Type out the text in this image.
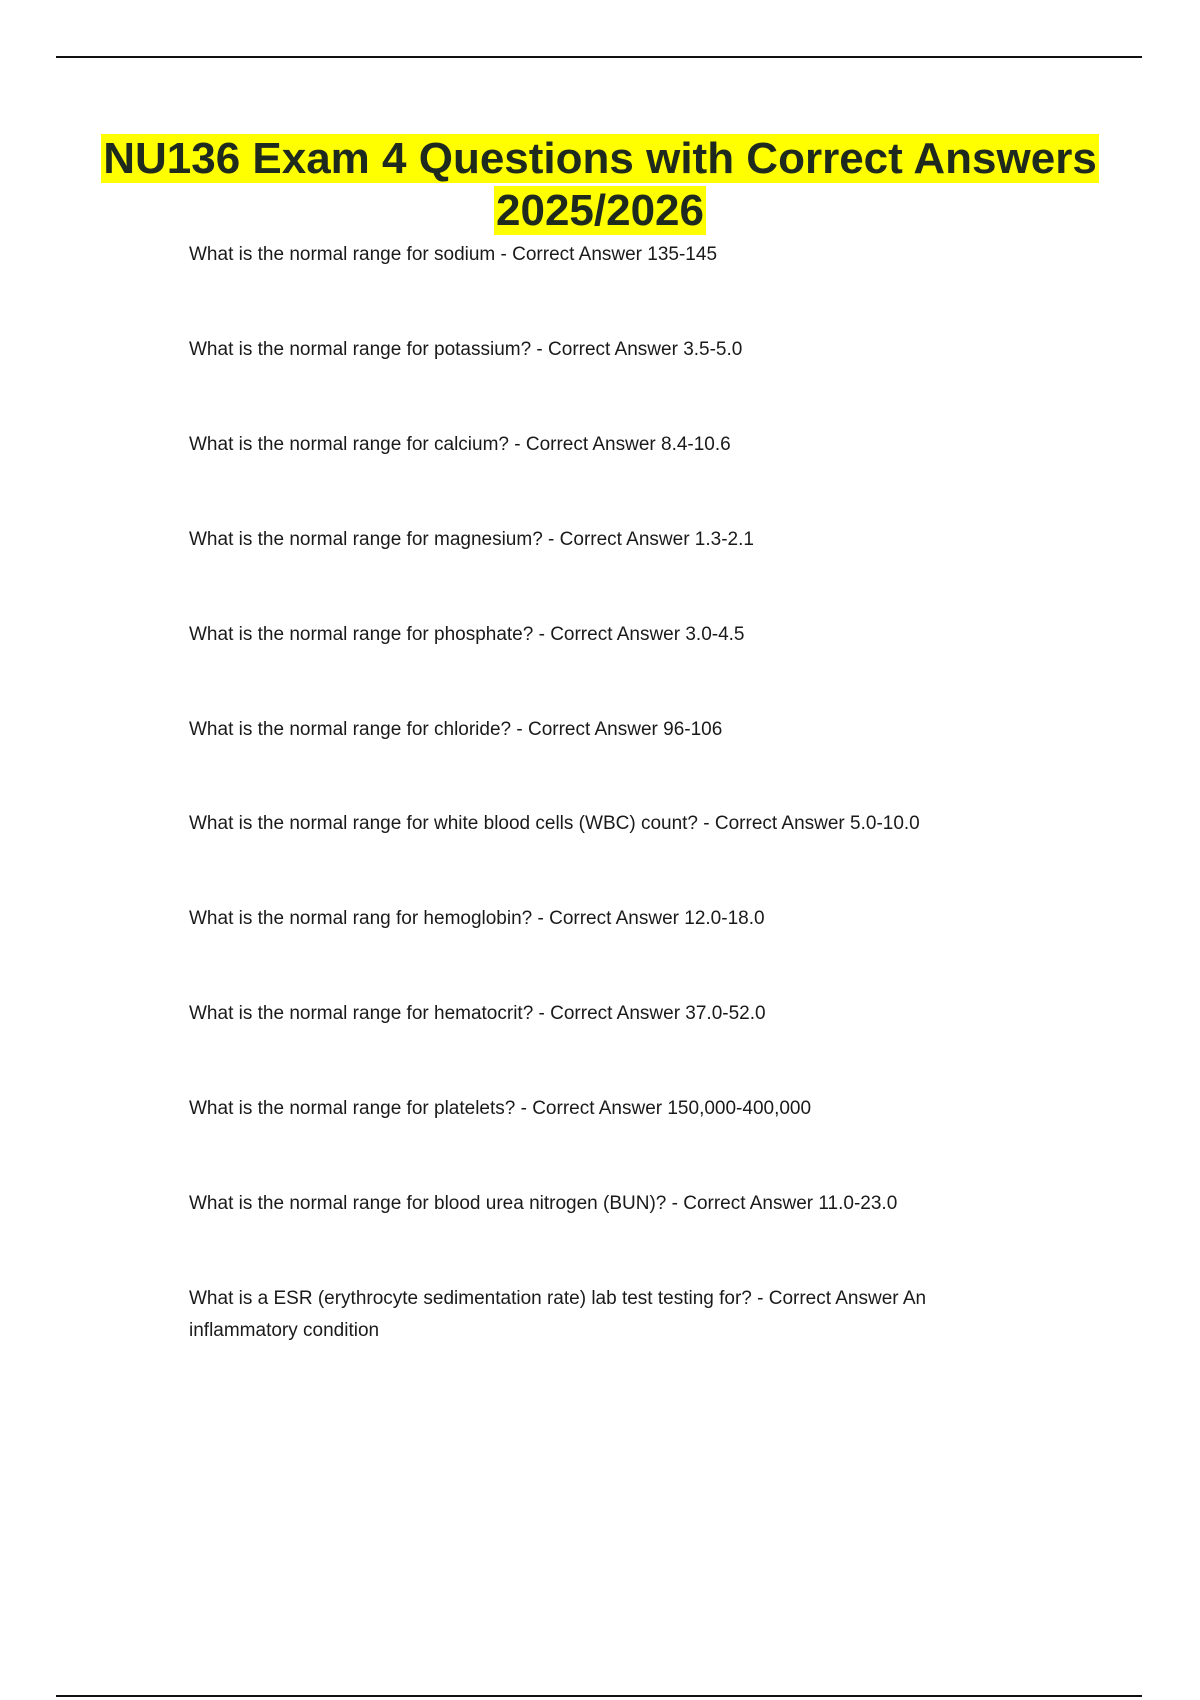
NU136 Exam 4 Questions with Correct Answers 2025/2026
What is the normal range for sodium - Correct Answer 135-145
What is the normal range for potassium? - Correct Answer 3.5-5.0
What is the normal range for calcium? - Correct Answer 8.4-10.6
What is the normal range for magnesium? - Correct Answer 1.3-2.1
What is the normal range for phosphate? - Correct Answer 3.0-4.5
What is the normal range for chloride? - Correct Answer 96-106
What is the normal range for white blood cells (WBC) count? - Correct Answer 5.0-10.0
What is the normal rang for hemoglobin? - Correct Answer 12.0-18.0
What is the normal range for hematocrit? - Correct Answer 37.0-52.0
What is the normal range for platelets? - Correct Answer 150,000-400,000
What is the normal range for blood urea nitrogen (BUN)? - Correct Answer 11.0-23.0
What is a ESR (erythrocyte sedimentation rate) lab test testing for? - Correct Answer An inflammatory condition
